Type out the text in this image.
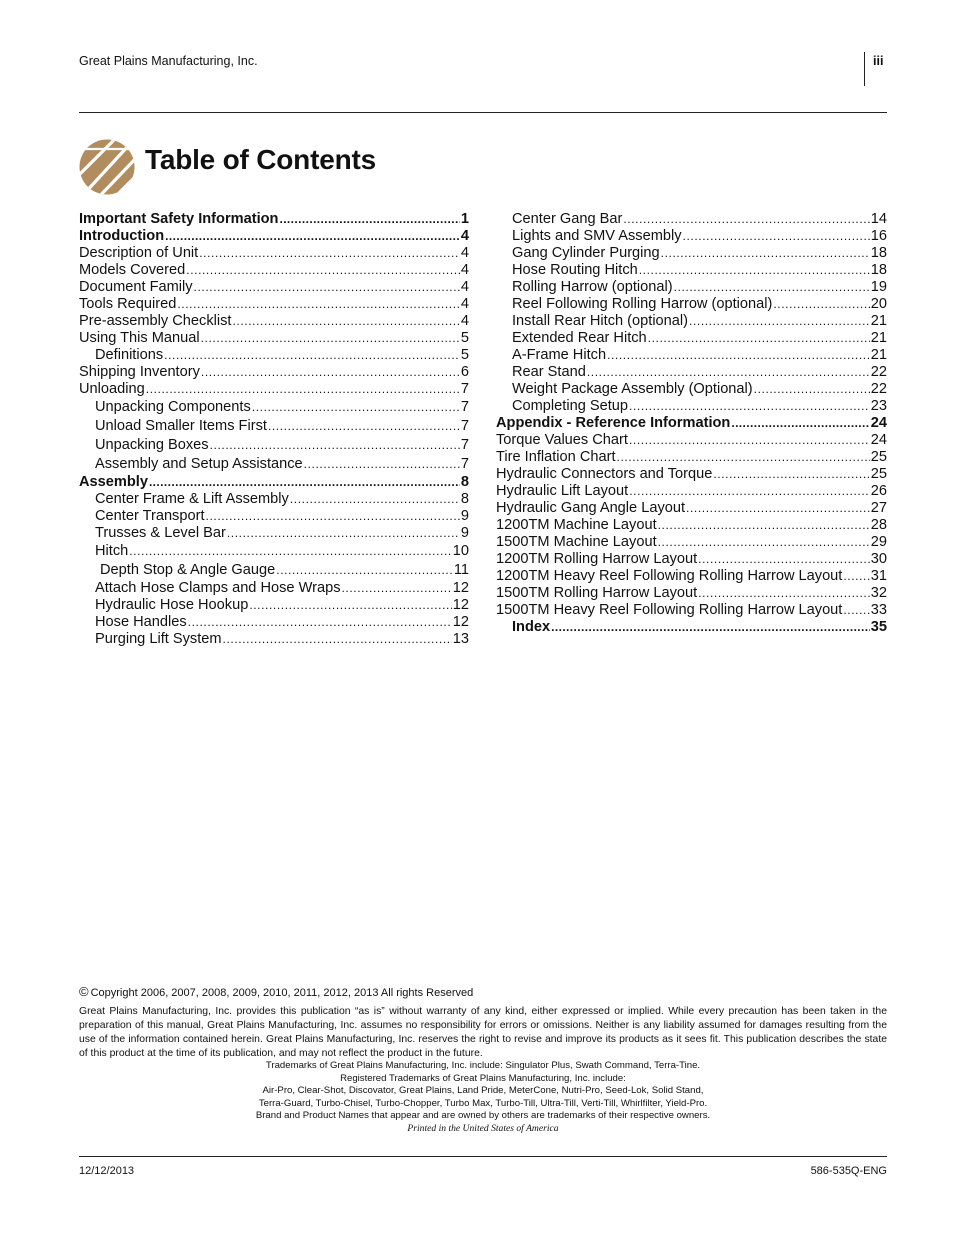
Great Plains Manufacturing, Inc.	iii
Table of Contents
Important Safety Information .....	1
Introduction .....	4
Description of Unit .....	4
Models Covered .....	4
Document Family .....	4
Tools Required .....	4
Pre-assembly Checklist .....	4
Using This Manual .....	5
Definitions .....	5
Shipping Inventory .....	6
Unloading .....	7
Unpacking Components .....	7
Unload Smaller Items First .....	7
Unpacking Boxes .....	7
Assembly and Setup Assistance .....	7
Assembly .....	8
Center Frame & Lift Assembly .....	8
Center Transport .....	9
Trusses & Level Bar .....	9
Hitch .....	10
Depth Stop & Angle Gauge .....	11
Attach Hose Clamps and Hose Wraps .....	12
Hydraulic Hose Hookup .....	12
Hose Handles .....	12
Purging Lift System .....	13
Center Gang Bar .....	14
Lights and SMV Assembly .....	16
Gang Cylinder Purging .....	18
Hose Routing Hitch .....	18
Rolling Harrow (optional) .....	19
Reel Following Rolling Harrow (optional) .....	20
Install Rear Hitch (optional) .....	21
Extended Rear Hitch .....	21
A-Frame Hitch .....	21
Rear Stand .....	22
Weight Package Assembly (Optional) .....	22
Completing Setup .....	23
Appendix - Reference Information .....	24
Torque Values Chart .....	24
Tire Inflation Chart .....	25
Hydraulic Connectors and Torque .....	25
Hydraulic Lift Layout .....	26
Hydraulic Gang Angle Layout .....	27
1200TM Machine Layout .....	28
1500TM Machine Layout .....	29
1200TM Rolling Harrow Layout .....	30
1200TM Heavy Reel Following Rolling Harrow Layout ..... 31
1500TM Rolling Harrow Layout .....	32
1500TM Heavy Reel Following Rolling Harrow Layout ..... 33
Index .....	35
© Copyright 2006, 2007, 2008, 2009, 2010, 2011, 2012, 2013 All rights Reserved
Great Plains Manufacturing, Inc. provides this publication “as is” without warranty of any kind, either expressed or implied. While every precaution has been taken in the preparation of this manual, Great Plains Manufacturing, Inc. assumes no responsibility for errors or omissions. Neither is any liability assumed for damages resulting from the use of the information contained herein. Great Plains Manufacturing, Inc. reserves the right to revise and improve its products as it sees fit. This publication describes the state of this product at the time of its publication, and may not reflect the product in the future.
Trademarks of Great Plains Manufacturing, Inc. include: Singulator Plus, Swath Command, Terra-Tine.
Registered Trademarks of Great Plains Manufacturing, Inc. include:
Air-Pro, Clear-Shot, Discovator, Great Plains, Land Pride, MeterCone, Nutri-Pro, Seed-Lok, Solid Stand,
Terra-Guard, Turbo-Chisel, Turbo-Chopper, Turbo Max, Turbo-Till, Ultra-Till, Verti-Till, Whirlfilter, Yield-Pro.
Brand and Product Names that appear and are owned by others are trademarks of their respective owners.
Printed in the United States of America
12/12/2013	586-535Q-ENG
